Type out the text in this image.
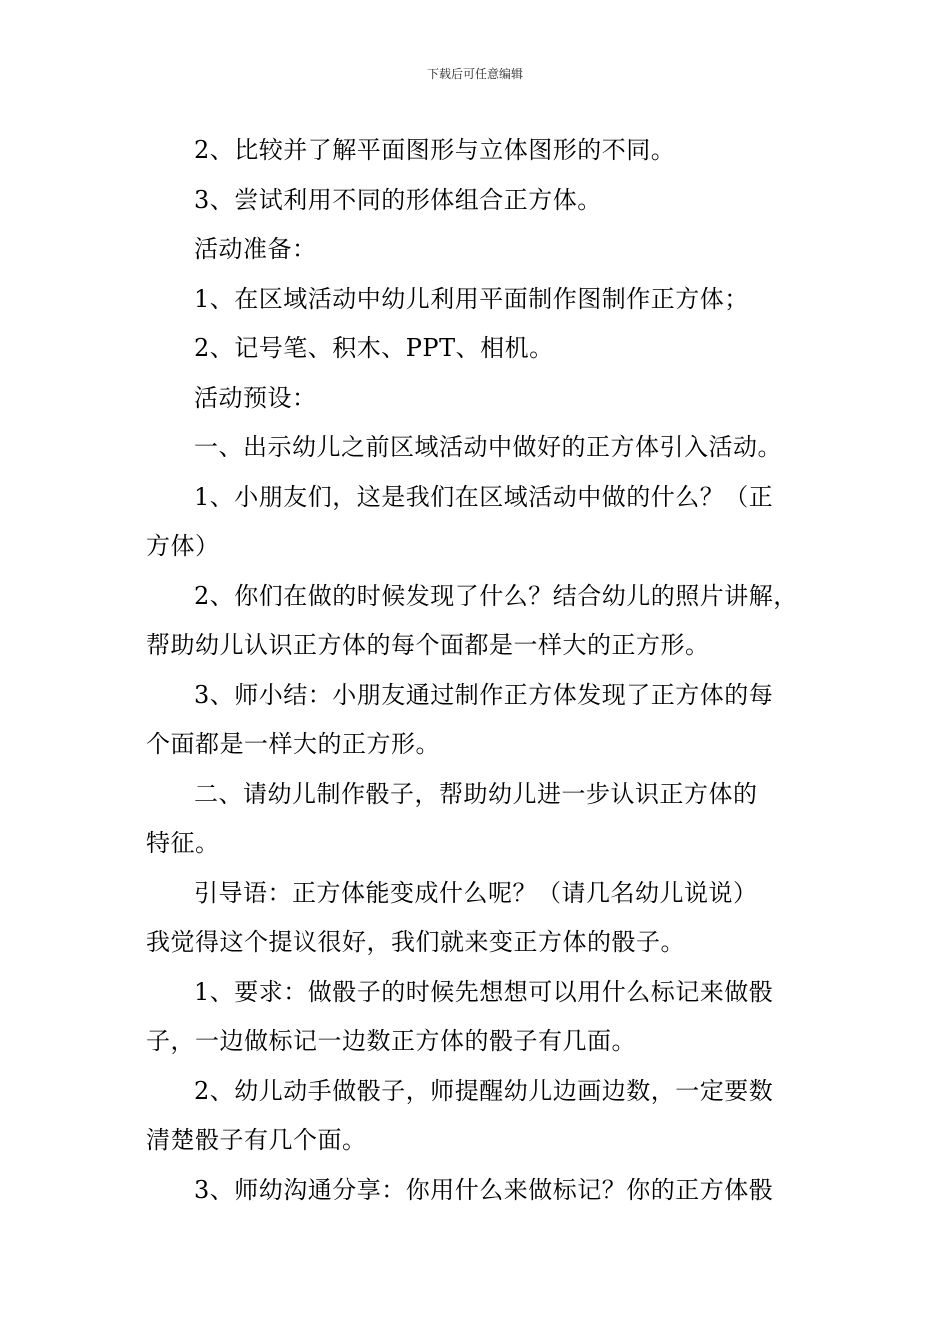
下载后可任意编辑
2、比较并了解平面图形与立体图形的不同。
3、尝试利用不同的形体组合正方体。
活动准备：
1、在区域活动中幼儿利用平面制作图制作正方体；
2、记号笔、积木、PPT、相机。
活动预设：
一、出示幼儿之前区域活动中做好的正方体引入活动。
1、小朋友们，这是我们在区域活动中做的什么？（正
方体）
2、你们在做的时候发现了什么？结合幼儿的照片讲解，
帮助幼儿认识正方体的每个面都是一样大的正方形。
3、师小结：小朋友通过制作正方体发现了正方体的每
个面都是一样大的正方形。
二、请幼儿制作骰子，帮助幼儿进一步认识正方体的
特征。
引导语：正方体能变成什么呢？（请几名幼儿说说）
我觉得这个提议很好，我们就来变正方体的骰子。
1、要求：做骰子的时候先想想可以用什么标记来做骰
子，一边做标记一边数正方体的骰子有几面。
2、幼儿动手做骰子，师提醒幼儿边画边数，一定要数
清楚骰子有几个面。
3、师幼沟通分享：你用什么来做标记？你的正方体骰
